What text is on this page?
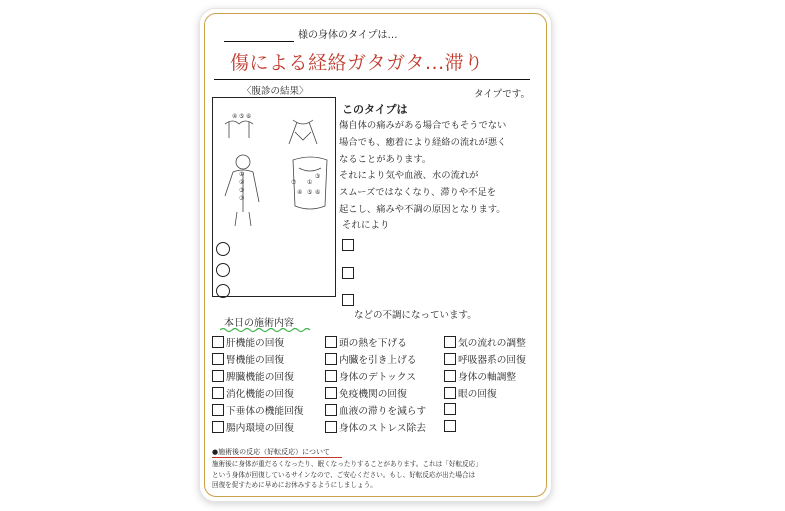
様の身体のタイプは…
傷による経絡ガタガタ...滞り
〈腹診の結果〉	タイプです。
④ ⑤ ⑥
①
②
③
⑦
①
⑤ ⑥
④
③
⑦
このタイプは

傷自体の痛みがある場合でもそうでない

場合でも、癒着により経絡の流れが悪く

なることがあります。

それにより気や血液、水の流れが

スムーズではなくなり、滞りや不足を

起こし、痛みや不調の原因となります。

それにより
などの不調になっています。
本日の施術内容
肝機能の回復
腎機能の回復
脾臓機能の回復
消化機能の回復
下垂体の機能回復
腸内環境の回復
頭の熱を下げる
内臓を引き上げる
身体のデトックス
免疫機関の回復
血液の滞りを減らす
身体のストレス除去
気の流れの調整
呼吸器系の回復
身体の軸調整
眼の回復
●施術後の反応（好転反応）について

施術後に身体が重だるくなったり、眠くなったりすることがあります。これは「好転反応」

という身体が回復しているサインなので、ご安心ください。もし、好転反応が出た場合は

回復を促すために早めにお休みするようにしましょう。
